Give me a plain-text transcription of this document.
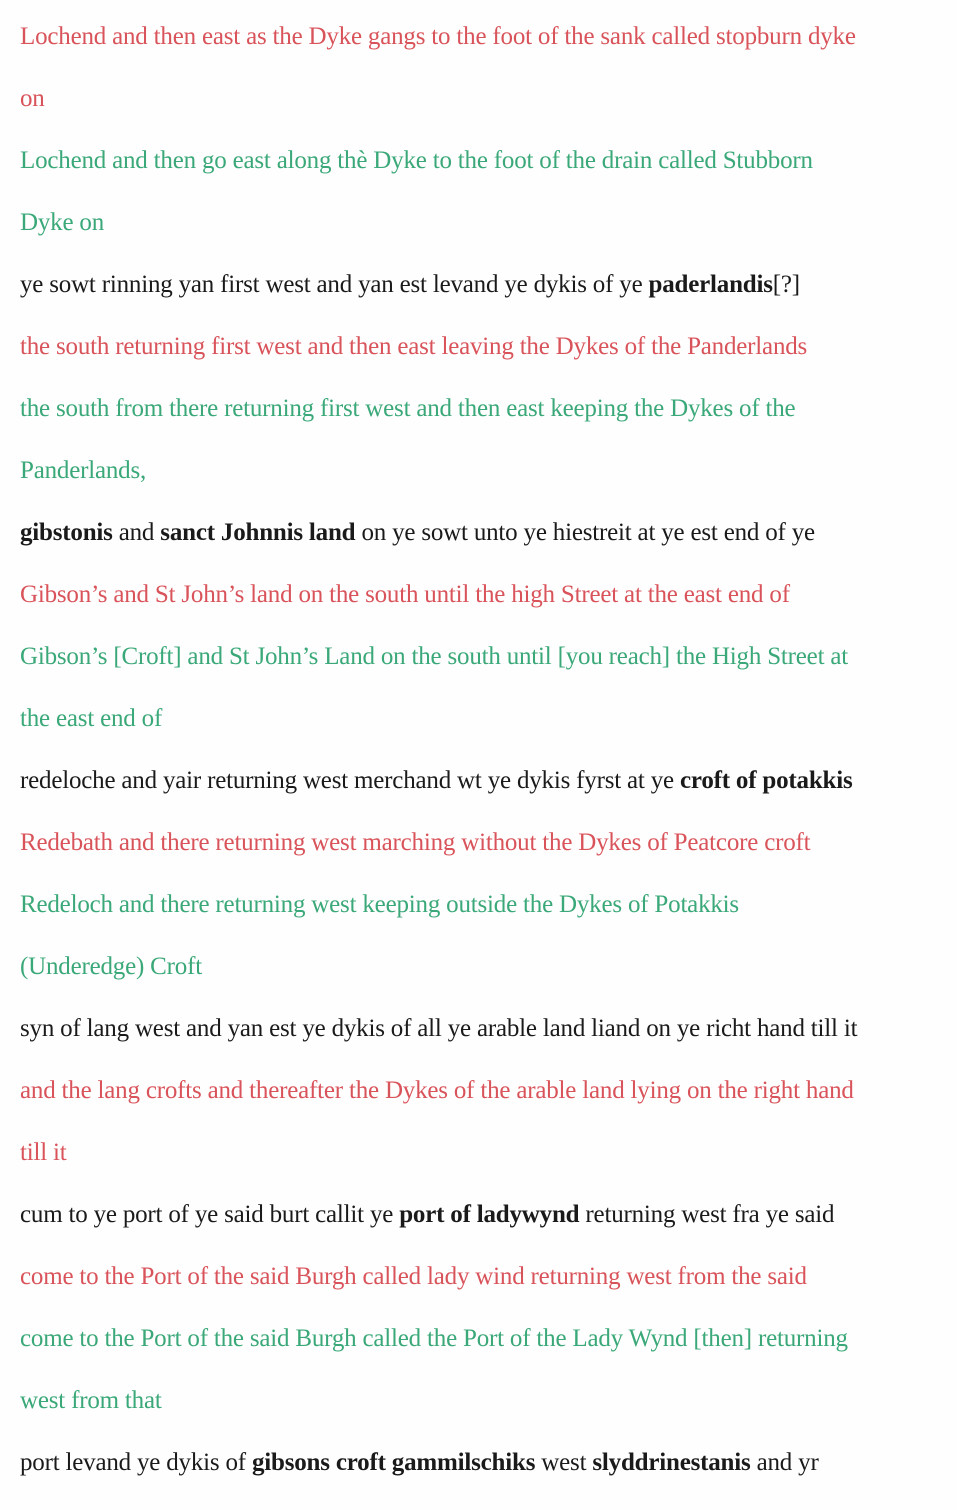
Lochend and then east as the Dyke gangs to the foot of the sank called stopburn dyke
on
Lochend and then go east along thè Dyke to the foot of the drain called Stubborn
Dyke on
ye sowt rinning yan first west and yan est levand ye dykis of ye paderlandis[?]
the south returning first west and then east leaving the Dykes of the Panderlands
the south from there returning first west and then east keeping the Dykes of the
Panderlands,
gibstonis and sanct Johnnis land on ye sowt unto ye hiestreit at ye est end of ye
Gibson’s and St John’s land on the south until the high Street at the east end of
Gibson’s [Croft] and St John’s Land on the south until [you reach] the High Street at
the east end of
redeloche and yair returning west merchand wt ye dykis fyrst at ye croft of potakkis
Redebath and there returning west marching without the Dykes of Peatcore croft
Redeloch and there returning west keeping outside the Dykes of Potakkis
(Underedge) Croft
syn of lang west and yan est ye dykis of all ye arable land liand on ye richt hand till it
and the lang crofts and thereafter the Dykes of the arable land lying on the right hand
till it
cum to ye port of ye said burt callit ye port of ladywynd returning west fra ye said
come to the Port of the said Burgh called lady wind returning west from the said
come to the Port of the said Burgh called the Port of the Lady Wynd [then] returning
west from that
port levand ye dykis of gibsons croft gammilschiks west slyddrinestanis and yr
